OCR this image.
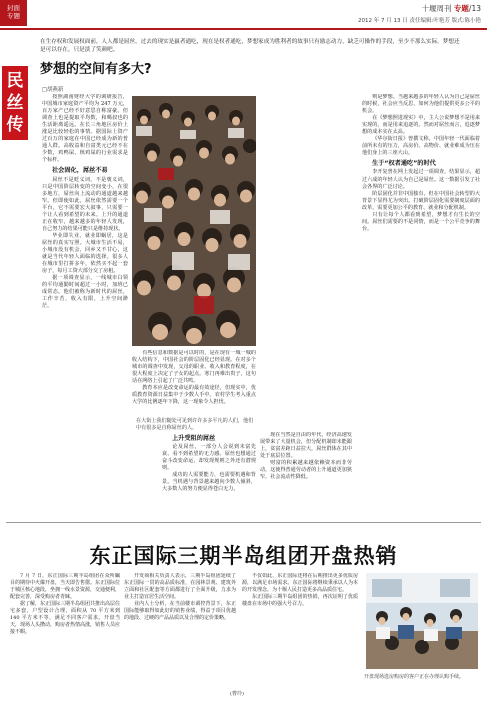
封面
专题
十堰周刊 专题/13
2012 年 7 月 13 日 责任编辑:叶艳芳 版式:陈小艳
民
丝
传
在生存权和发展权面前，人人都是屌丝。过去的现实是羸者通吃，现在是权者通吃，梦想家成为胜利者的故事只有励志动力，缺乏可操作的手段，至少不那么实际。梦想还是可以存在，只是淡了笑颜吧。
梦想的空间有多大?
□胡燕新

按照湖南财经大学的调研报告，中国城市家庭资产平均为 247 万元，百万家产已经不好意思自称富豪。但调查上也是提取平均数，和噶叔也的生活距离遥远。在长三角地区房价上涨是比较轻松的事情。据国际上资产过百万的家庭在中国已经成为新的普通人群。高收益和自富类元已经不在少数，鸡鸭屎、核鸡屎的行业需求是个标杆。

社会固化，屌丝不易

屌丝不是贬义词，不是褒义词，只是中国阶层转变的空间变小，在很多地方，屌丝向上流动的通道越来越窄。但即使如此，屌丝依然需要一个平台，它不需要宏大叙事，只需要一个让人看到希望的未来。上升的通道正在收窄，越来越多的年轻人发现，自己努力的结果可能只是维持现状。

毕业即失业，就业即蜗居，这是屌丝的真实写照。大城市生活不易，小城市没有机会，回乡又不甘心，这就是当代年轻人面临的选择。很多人在城市里打拼多年，依然买不起一套房子，每月工资大部分交了房租。

据一项调查显示，一线城市白领的平均通勤时间超过一小时，加班已成常态。他们被称为新时代的屌丝，工作辛苦，收入有限，上升空间渺茫。

有些信息和数据是可以时的，是在现有一城一城的收入结构下，中国社会的阶层固化已经显现。在对多个城市的调查中发现，父母的职业、收入和教育程度，在很大程度上决定了子女的起点。寒门再难出贵子，这句话在网络上引起了广泛共鸣。

教育本应是改变命运的最有效途径，但现实中，优质教育资源日益集中于少数人手中。农村学生考入重点大学的比例逐年下降，这一现象令人担忧。

在大街上我们随处可见到许许多多平凡的人们，他们中有很多是自称屌丝的人。
上升受阻的屌丝

论及屌丝，一部分人会说到未富先衰、看不到希望的无力感。屌丝也想通过奋斗改变命运，却发现规则之外还有潜规则。

成功的人需要能力，也需要机遇和背景。当机遇与背景越来越向少数人倾斜，大多数人的努力便显得苍白无力。

现在当然是自由的年代，经济高速发展带来了大量机会，但分配机制却未能跟上，贫富差距日益拉大，屌丝群体在其中处于底层位置。

财富的积累越来越依赖资本而非劳动，这使得普通劳动者的上升通道更加狭窄，社会流动性降低。

则是梦想。当越来越多的年轻人认为自己是屌丝的时候，社会应当反思，如何为他们提供更多公平的机会。

在《梦想照进现实》中，主人公说梦想不是用来实现的，而是用来追逐的。然而对屌丝而言，追逐梦想的成本实在太高。

《华尔街日报》曾撰文称，中国年轻一代面临着前所未有的压力，高房价、高物价、就业难成为压在他们身上的三座大山。

生于“权者通吃”的时代

李开复曾在网上发起过一项调查，结果显示，超过六成的年轻人认为自己是屌丝。这一数据引发了社会各界的广泛讨论。

阶层固化并非中国独有，但在中国社会转型的大背景下显得尤为突出。打破阶层固化需要制度层面的改革，需要更加公平的教育、就业和分配机制。

只有让每个人都看到希望，梦想才有生长的空间。屌丝们需要的不是同情，而是一个公平竞争的舞台。

东正国际三期半岛组团开盘热销

7 月 7 日，东正国际三期半岛组团在众所瞩目的期待中火爆开盘，当天即告售罄。东正国际位于城区核心地段，坐拥一线水景资源，交通便利，配套完善，深受购房者青睐。

据了解，东正国际三期半岛组团共推出高层住宅多套，户型设计合理，面积从 70 平方米到 140 平方米不等，满足不同客户需求。开盘当天，现场人头攒动，购房者热情高涨，销售人员应接不暇。

开发商相关负责人表示，三期半岛组团延续了东正国际一贯的高品质标准，在园林景观、建筑外立面和社区配套等方面都进行了全面升级，力求为业主打造宜居生活空间。

业内人士分析，在当前楼市调控背景下，东正国际能够取得如此好的销售业绩，得益于项目优越的地段、过硬的产品品质以及合理的定价策略。

不仅如此，东正国际还将在后期推出更多优质房源，以满足市场需求。东正国际将继续秉承以人为本的开发理念，为十堰人民打造更多高品质住宅。

东正国际三期半岛组团的热销，再次证明了优质楼盘在市场中的强大号召力。

开盘现场选房购房的客户正在办理认购手续。
(曹玲)
